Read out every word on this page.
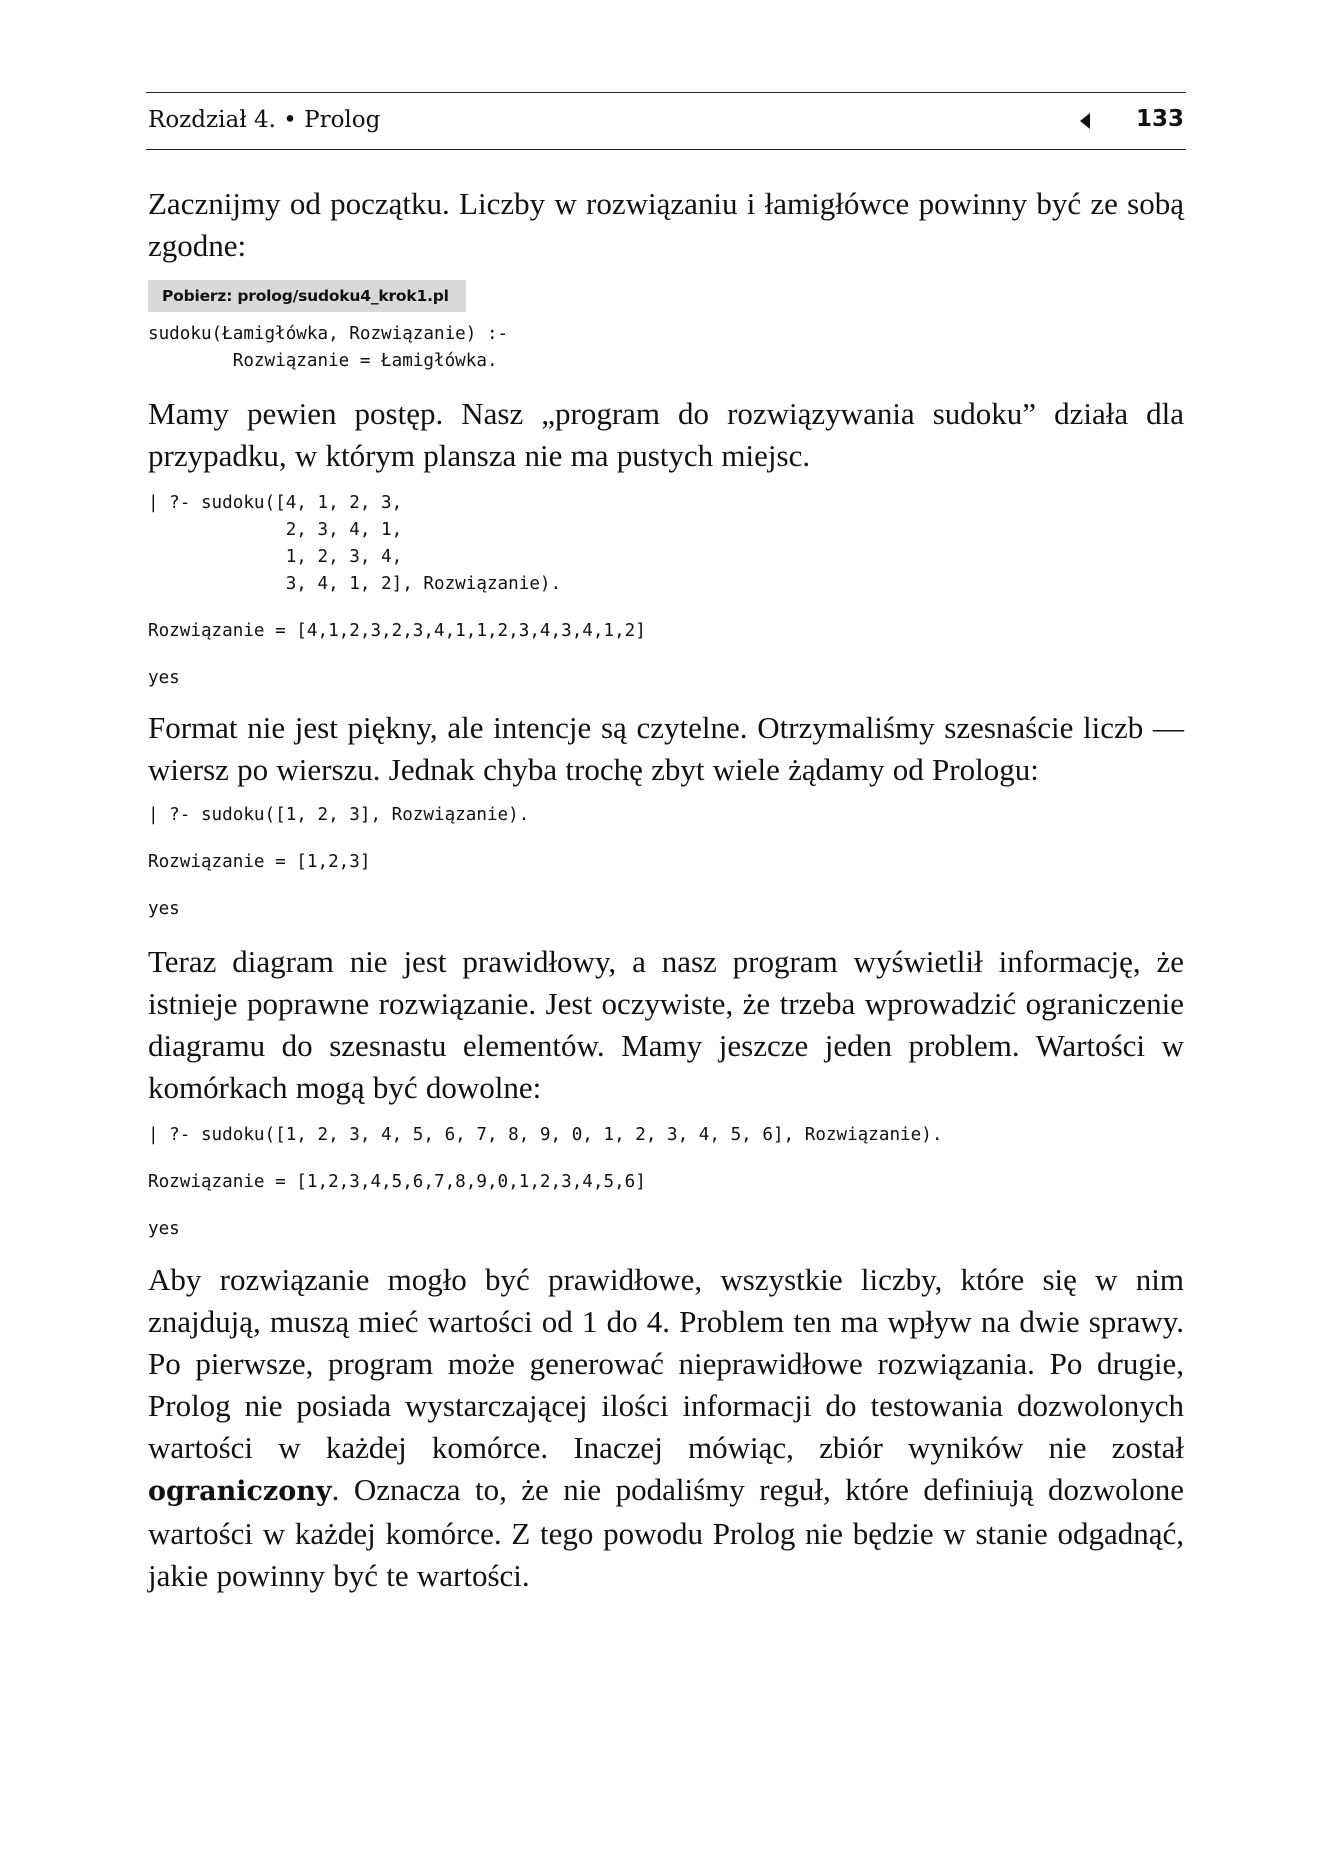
Rozdział 4. • Prolog	133

Zacznijmy od początku. Liczby w rozwiązaniu i łamigłówce powinny być ze sobą zgodne:

Pobierz: prolog/sudoku4_krok1.pl
sudoku(Łamigłówka, Rozwiązanie) :-
Rozwiązanie = Łamigłówka.

Mamy pewien postęp. Nasz „program do rozwiązywania sudoku” działa dla przypadku, w którym plansza nie ma pustych miejsc.

| ?- sudoku([4, 1, 2, 3,
2, 3, 4, 1,
1, 2, 3, 4,
3, 4, 1, 2], Rozwiązanie).
Rozwiązanie = [4,1,2,3,2,3,4,1,1,2,3,4,3,4,1,2]
yes

Format nie jest piękny, ale intencje są czytelne. Otrzymaliśmy szesnaście liczb — wiersz po wierszu. Jednak chyba trochę zbyt wiele żądamy od Prologu:

| ?- sudoku([1, 2, 3], Rozwiązanie).
Rozwiązanie = [1,2,3]
yes

Teraz diagram nie jest prawidłowy, a nasz program wyświetlił informację, że istnieje poprawne rozwiązanie. Jest oczywiste, że trzeba wprowadzić ograniczenie diagramu do szesnastu elementów. Mamy jeszcze jeden problem. Wartości w komórkach mogą być dowolne:

| ?- sudoku([1, 2, 3, 4, 5, 6, 7, 8, 9, 0, 1, 2, 3, 4, 5, 6], Rozwiązanie).
Rozwiązanie = [1,2,3,4,5,6,7,8,9,0,1,2,3,4,5,6]
yes

Aby rozwiązanie mogło być prawidłowe, wszystkie liczby, które się w nim znajdują, muszą mieć wartości od 1 do 4. Problem ten ma wpływ na dwie sprawy. Po pierwsze, program może generować nieprawidłowe rozwiązania. Po drugie, Prolog nie posiada wystarczającej ilości informacji do testowania dozwolonych wartości w każdej komórce. Inaczej mówiąc, zbiór wyników nie został ograniczony. Oznacza to, że nie podaliśmy reguł, które definiują dozwolone wartości w każdej komórce. Z tego powodu Prolog nie będzie w stanie odgadnąć, jakie powinny być te wartości.
